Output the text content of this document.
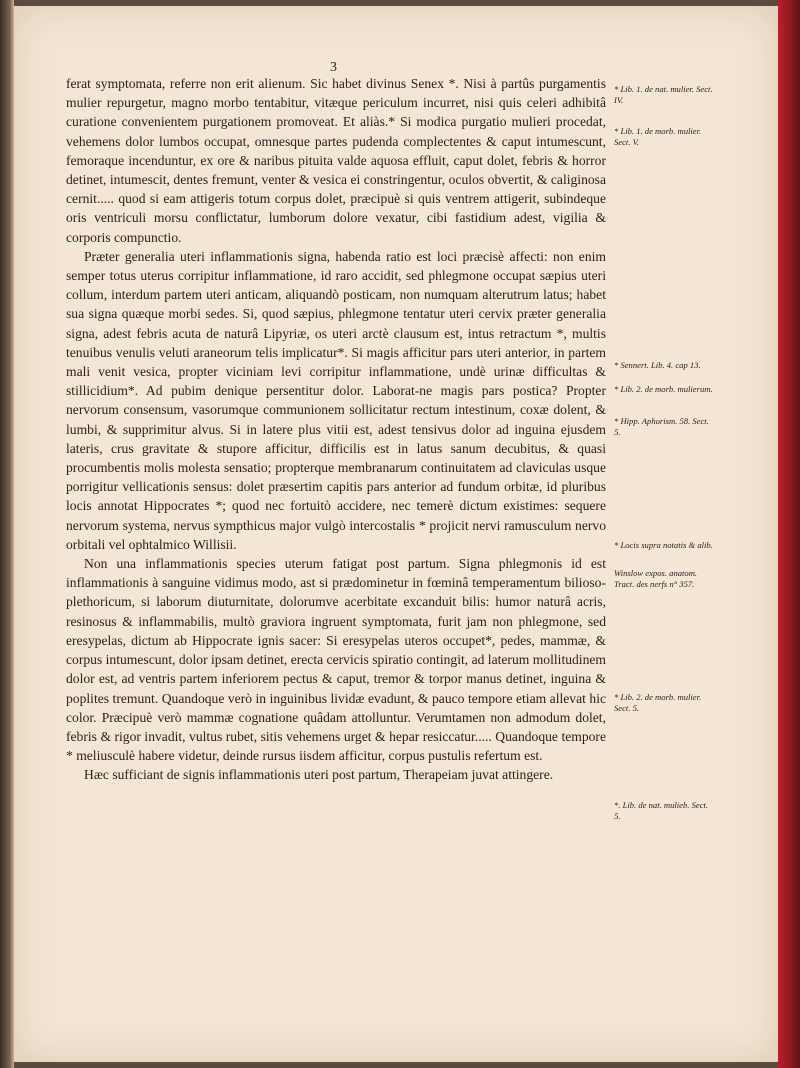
3

ferat symptomata, referre non erit alienum. Sic habet divinus Senex *. Nisi à partûs purgamentis mulier repurgetur, magno morbo tentabitur, vitæque periculum incurret, nisi quis celeri adhibitâ curatione convenientem purgationem promoveat. Et aliàs.* Si modica purgatio mulieri procedat, vehemens dolor lumbos occupat, omnesque partes pudenda complectentes & caput intumescunt, femoraque incenduntur, ex ore & naribus pituita valde aquosa effluit, caput dolet, febris & horror detinet, intumescit, dentes fremunt, venter & vesica ei constringentur, oculos obvertit, & caliginosa cernit..... quod si eam attigeris totum corpus dolet, præcipuè si quis ventrem attigerit, subindeque oris ventriculi morsu conflictatur, lumborum dolore vexatur, cibi fastidium adest, vigilia & corporis compunctio.

Præter generalia uteri inflammationis signa, habenda ratio est loci præcisè affecti: non enim semper totus uterus corripitur inflammatione, id raro accidit, sed phlegmone occupat sæpius uteri collum, interdum partem uteri anticam, aliquandò posticam, non numquam alterutrum latus; habet sua signa quæque morbi sedes. Si, quod sæpius, phlegmone tentatur uteri cervix præter generalia signa, adest febris acuta de naturâ Lipyriæ, os uteri arctè clausum est, intus retractum *, multis tenuibus venulis veluti araneorum telis implicatur*. Si magis afficitur pars uteri anterior, in partem mali venit vesica, propter viciniam levi corripitur inflammatione, undè urinæ difficultas & stillicidium*. Ad pubim denique persentitur dolor. Laborat-ne magis pars postica? Propter nervorum consensum, vasorumque communionem sollicitatur rectum intestinum, coxæ dolent, & lumbi, & supprimitur alvus. Si in latere plus vitii est, adest tensivus dolor ad inguina ejusdem lateris, crus gravitate & stupore afficitur, difficilis est in latus sanum decubitus, & quasi procumbentis molis molesta sensatio; propterque membranarum continuitatem ad claviculas usque porrigitur vellicationis sensus: dolet præsertim capitis pars anterior ad fundum orbitæ, id pluribus locis annotat Hippocrates *; quod nec fortuitò accidere, nec temerè dictum existimes: sequere nervorum systema, nervus sympthicus major vulgò intercostalis * projicit nervi ramusculum nervo orbitali vel ophtalmico Willisii.

Non una inflammationis species uterum fatigat post partum. Signa phlegmonis id est inflammationis à sanguine vidimus modo, ast si prædominetur in fœminâ temperamentum bilioso-plethoricum, si laborum diuturnitate, dolorumve acerbitate excanduit bilis: humor naturâ acris, resinosus & inflammabilis, multò graviora ingruent symptomata, furit jam non phlegmone, sed eresypelas, dictum ab Hippocrate ignis sacer: Si eresypelas uteros occupet*, pedes, mammæ, & corpus intumescunt, dolor ipsam detinet, erecta cervicis spiratio contingit, ad laterum mollitudinem dolor est, ad ventris partem inferiorem pectus & caput, tremor & torpor manus detinet, inguina & poplites tremunt. Quandoque verò in inguinibus lividæ evadunt, & pauco tempore etiam allevat hic color. Præcipuè verò mammæ cognatione quâdam attolluntur. Verumtamen non admodum dolet, febris & rigor invadit, vultus rubet, sitis vehemens urget & hepar resiccatur..... Quandoque tempore * meliusculè habere videtur, deinde rursus iisdem afficitur, corpus pustulis refertum est.

Hæc sufficiant de signis inflammationis uteri post partum, Therapeiam juvat attingere.

* Lib. 1. de nat. mulier. Sect. IV.
* Lib. 1. de morb. mulier. Sect. V.
* Sennert. Lib. 4. cap 13.
* Lib. 2. de morb. mulierum.
* Hipp. Aphorism. 58. Sect. 5.
* Locis supra notatis & alib.
Winslow expos. anatom. Tract. des nerfs n° 357.
* Lib. 2. de morb. mulier. Sect. 5.
*. Lib. de nat. mulieb. Sect. 5.
